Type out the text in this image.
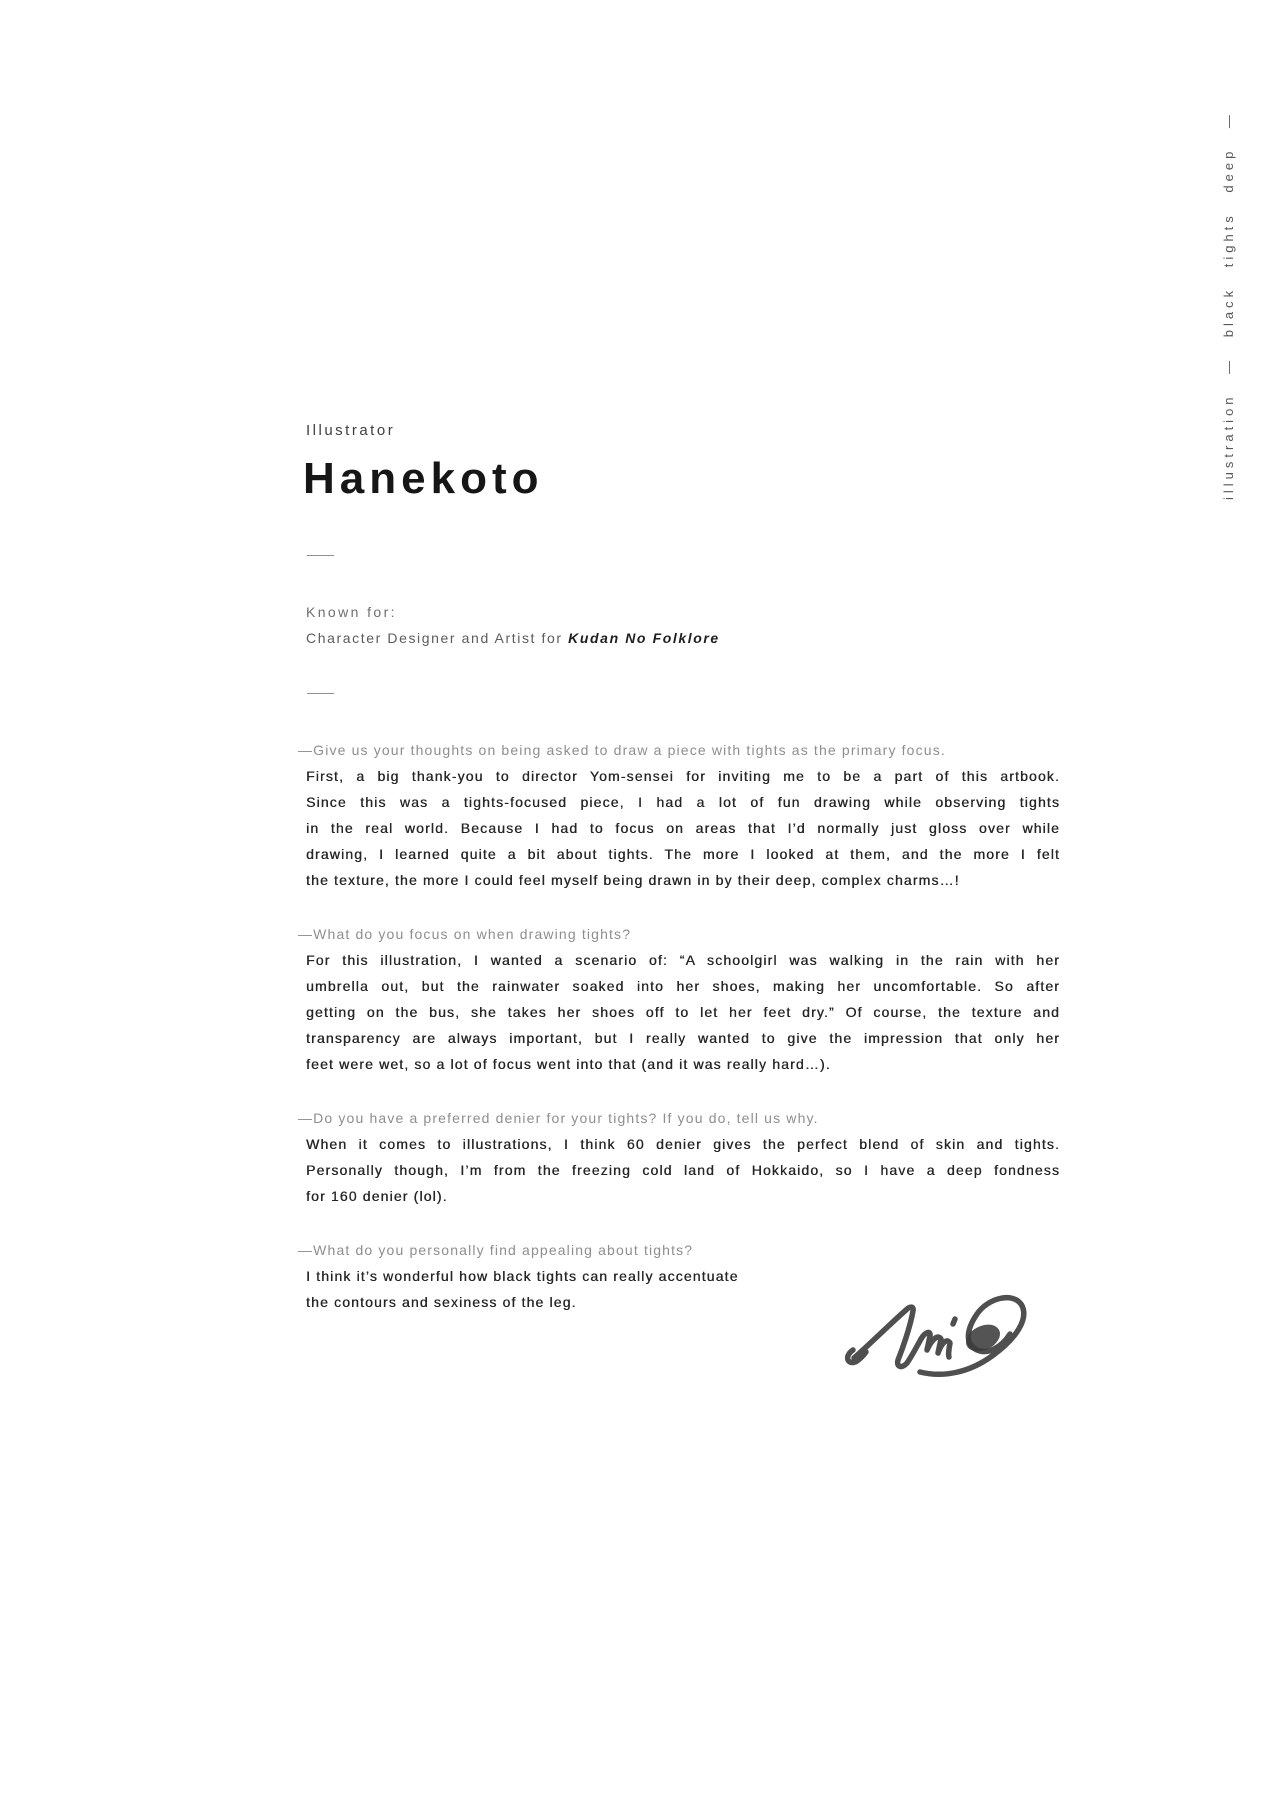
illustration — black tights deep —
Illustrator
Hanekoto
Known for:
Character Designer and Artist for Kudan No Folklore
—Give us your thoughts on being asked to draw a piece with tights as the primary focus.
First, a big thank-you to director Yom-sensei for inviting me to be a part of this artbook.
Since this was a tights-focused piece, I had a lot of fun drawing while observing tights
in the real world. Because I had to focus on areas that I’d normally just gloss over while
drawing, I learned quite a bit about tights. The more I looked at them, and the more I felt
the texture, the more I could feel myself being drawn in by their deep, complex charms…!
—What do you focus on when drawing tights?
For this illustration, I wanted a scenario of: “A schoolgirl was walking in the rain with her
umbrella out, but the rainwater soaked into her shoes, making her uncomfortable. So after
getting on the bus, she takes her shoes off to let her feet dry.” Of course, the texture and
transparency are always important, but I really wanted to give the impression that only her
feet were wet, so a lot of focus went into that (and it was really hard…).
—Do you have a preferred denier for your tights? If you do, tell us why.
When it comes to illustrations, I think 60 denier gives the perfect blend of skin and tights.
Personally though, I’m from the freezing cold land of Hokkaido, so I have a deep fondness
for 160 denier (lol).
—What do you personally find appealing about tights?
I think it’s wonderful how black tights can really accentuate
the contours and sexiness of the leg.
